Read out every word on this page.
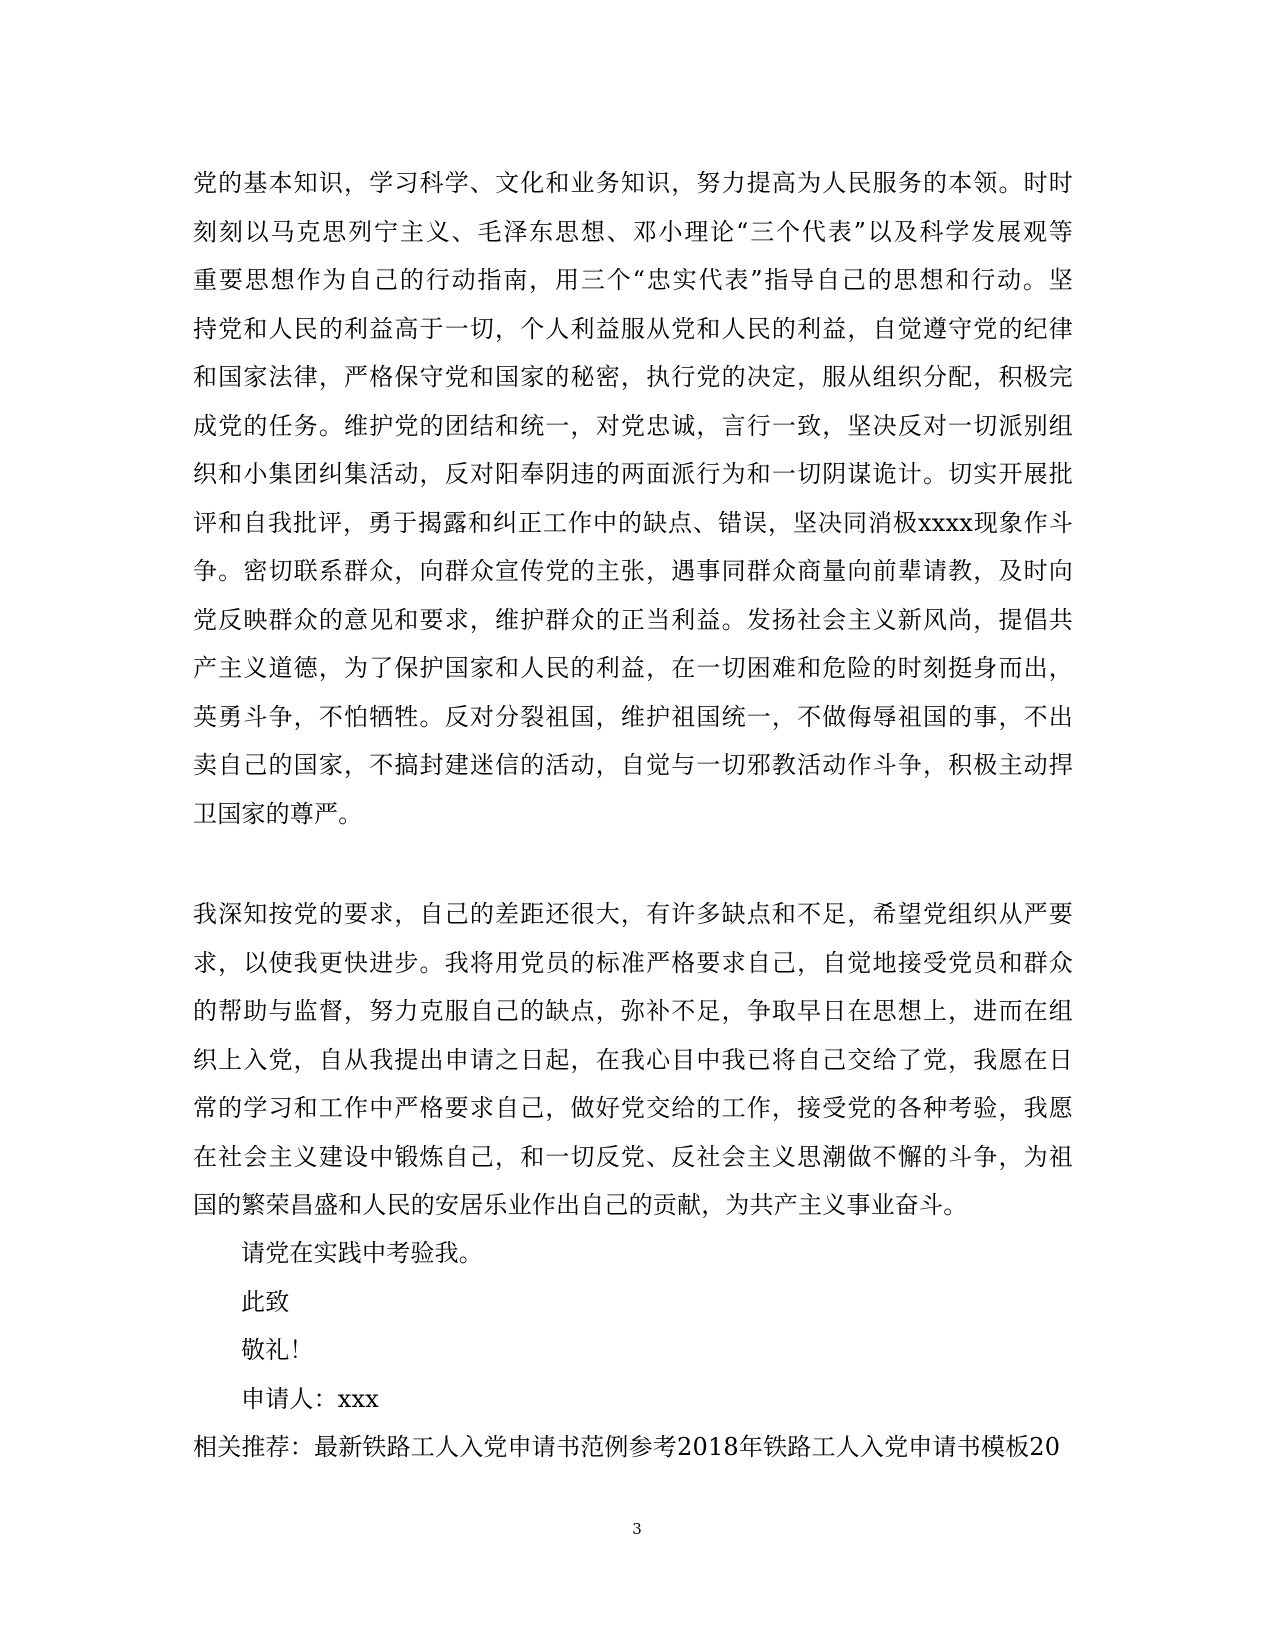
党的基本知识，学习科学、文化和业务知识，努力提高为人民服务的本领。时时
刻刻以马克思列宁主义、毛泽东思想、邓小理论“三个代表”以及科学发展观等
重要思想作为自己的行动指南，用三个“忠实代表”指导自己的思想和行动。坚
持党和人民的利益高于一切，个人利益服从党和人民的利益，自觉遵守党的纪律
和国家法律，严格保守党和国家的秘密，执行党的决定，服从组织分配，积极完
成党的任务。维护党的团结和统一，对党忠诚，言行一致，坚决反对一切派别组
织和小集团纠集活动，反对阳奉阴违的两面派行为和一切阴谋诡计。切实开展批
评和自我批评，勇于揭露和纠正工作中的缺点、错误，坚决同消极xxxx现象作斗
争。密切联系群众，向群众宣传党的主张，遇事同群众商量向前辈请教，及时向
党反映群众的意见和要求，维护群众的正当利益。发扬社会主义新风尚，提倡共
产主义道德，为了保护国家和人民的利益，在一切困难和危险的时刻挺身而出，
英勇斗争，不怕牺牲。反对分裂祖国，维护祖国统一，不做侮辱祖国的事，不出
卖自己的国家，不搞封建迷信的活动，自觉与一切邪教活动作斗争，积极主动捍
卫国家的尊严。
我深知按党的要求，自己的差距还很大，有许多缺点和不足，希望党组织从严要
求，以使我更快进步。我将用党员的标准严格要求自己，自觉地接受党员和群众
的帮助与监督，努力克服自己的缺点，弥补不足，争取早日在思想上，进而在组
织上入党，自从我提出申请之日起，在我心目中我已将自己交给了党，我愿在日
常的学习和工作中严格要求自己，做好党交给的工作，接受党的各种考验，我愿
在社会主义建设中锻炼自己，和一切反党、反社会主义思潮做不懈的斗争，为祖
国的繁荣昌盛和人民的安居乐业作出自己的贡献，为共产主义事业奋斗。
请党在实践中考验我。
此致
敬礼！
申请人：xxx
相关推荐：最新铁路工人入党申请书范例参考2018年铁路工人入党申请书模板20
3
